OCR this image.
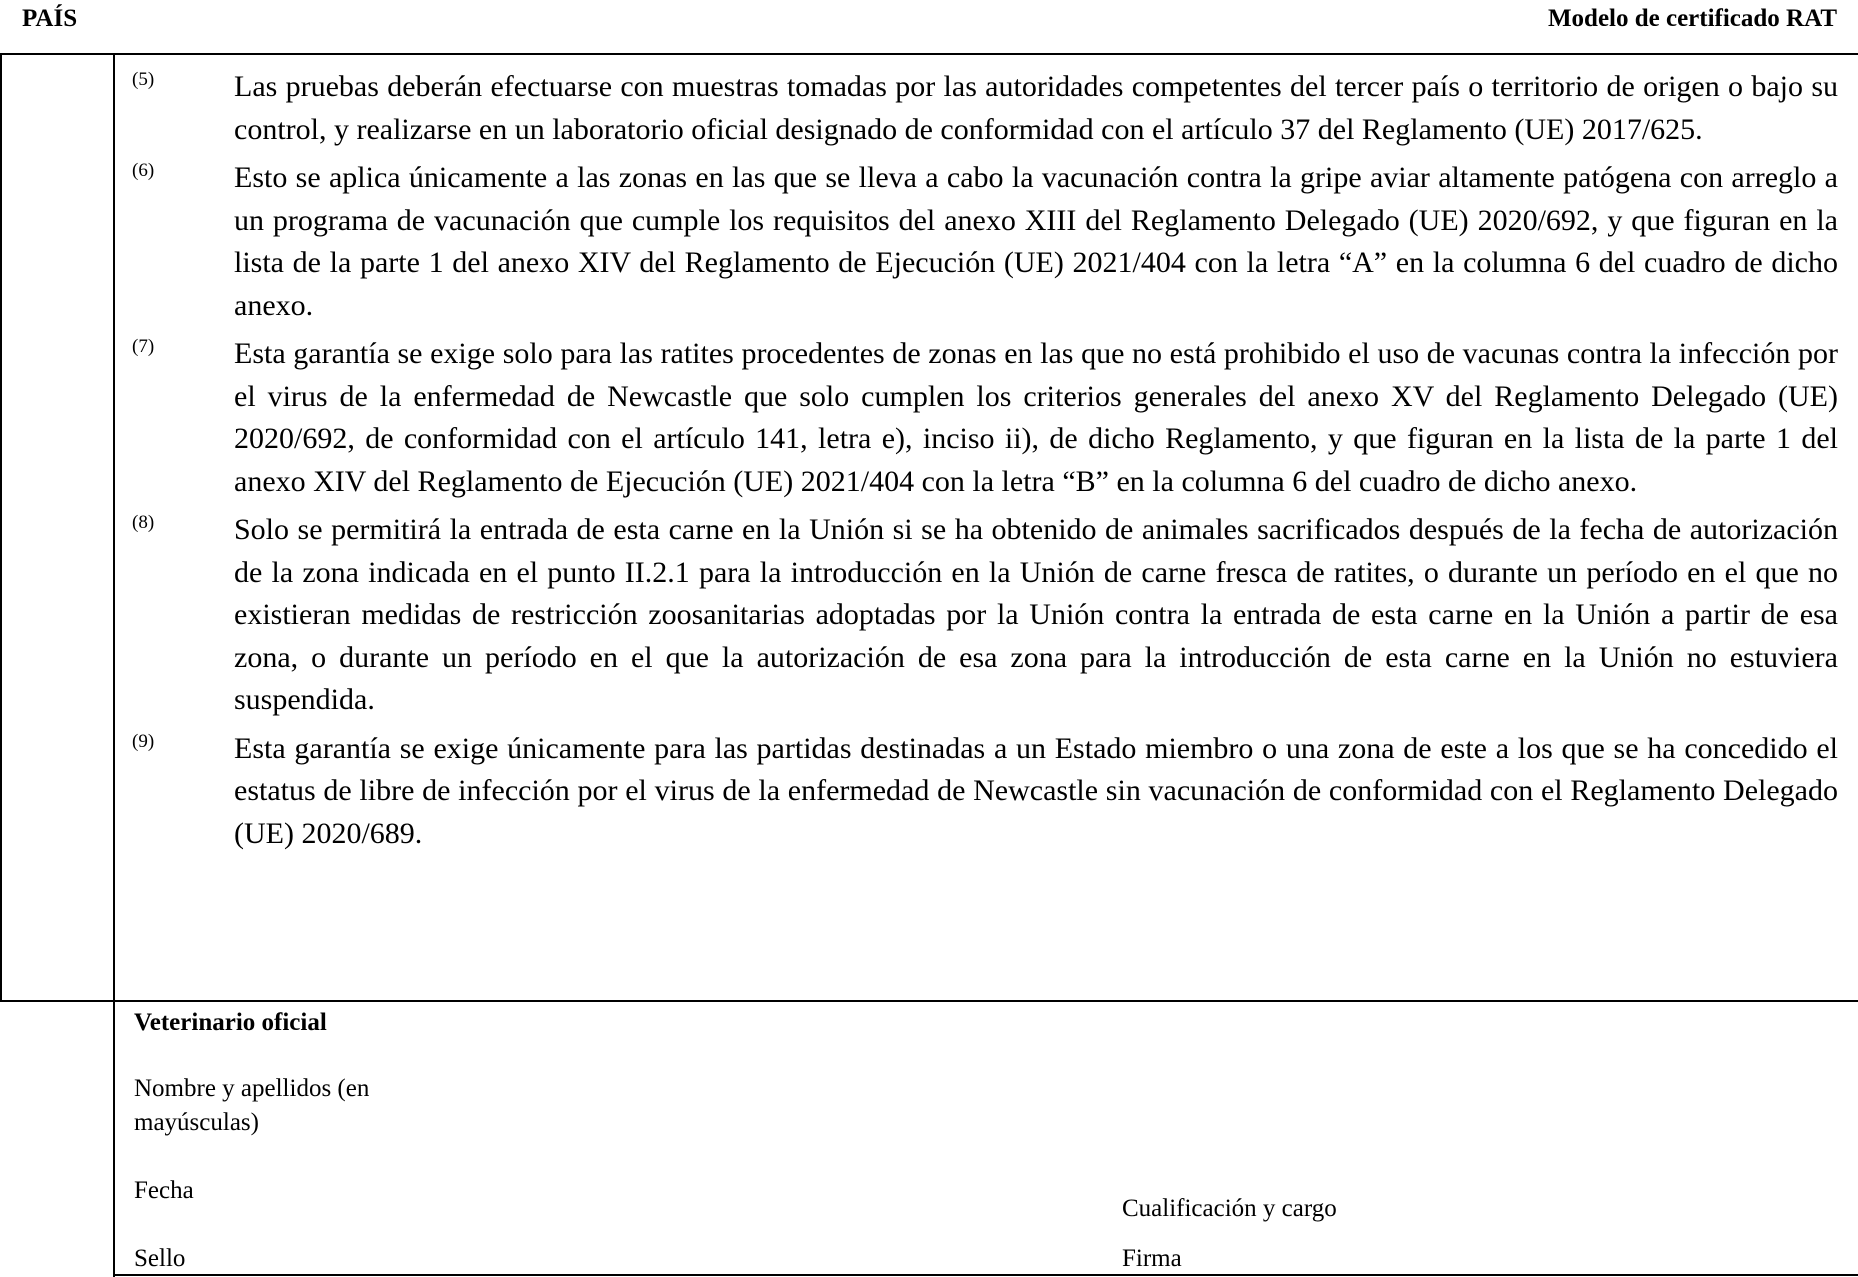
PAÍS	Modelo de certificado RAT
(5)	Las pruebas deberán efectuarse con muestras tomadas por las autoridades competentes del tercer país o territorio de origen o bajo su control, y realizarse en un laboratorio oficial designado de conformidad con el artículo 37 del Reglamento (UE) 2017/625.
(6)	Esto se aplica únicamente a las zonas en las que se lleva a cabo la vacunación contra la gripe aviar altamente patógena con arreglo a un programa de vacunación que cumple los requisitos del anexo XIII del Reglamento Delegado (UE) 2020/692, y que figuran en la lista de la parte 1 del anexo XIV del Reglamento de Ejecución (UE) 2021/404 con la letra “A” en la columna 6 del cuadro de dicho anexo.
(7)	Esta garantía se exige solo para las ratites procedentes de zonas en las que no está prohibido el uso de vacunas contra la infección por el virus de la enfermedad de Newcastle que solo cumplen los criterios generales del anexo XV del Reglamento Delegado (UE) 2020/692, de conformidad con el artículo 141, letra e), inciso ii), de dicho Reglamento, y que figuran en la lista de la parte 1 del anexo XIV del Reglamento de Ejecución (UE) 2021/404 con la letra “B” en la columna 6 del cuadro de dicho anexo.
(8)	Solo se permitirá la entrada de esta carne en la Unión si se ha obtenido de animales sacrificados después de la fecha de autorización de la zona indicada en el punto II.2.1 para la introducción en la Unión de carne fresca de ratites, o durante un período en el que no existieran medidas de restricción zoosanitarias adoptadas por la Unión contra la entrada de esta carne en la Unión a partir de esa zona, o durante un período en el que la autorización de esa zona para la introducción de esta carne en la Unión no estuviera suspendida.
(9)	Esta garantía se exige únicamente para las partidas destinadas a un Estado miembro o una zona de este a los que se ha concedido el estatus de libre de infección por el virus de la enfermedad de Newcastle sin vacunación de conformidad con el Reglamento Delegado (UE) 2020/689.
Veterinario oficial
Nombre y apellidos (en mayúsculas)
Fecha
Cualificación y cargo
Sello	Firma
